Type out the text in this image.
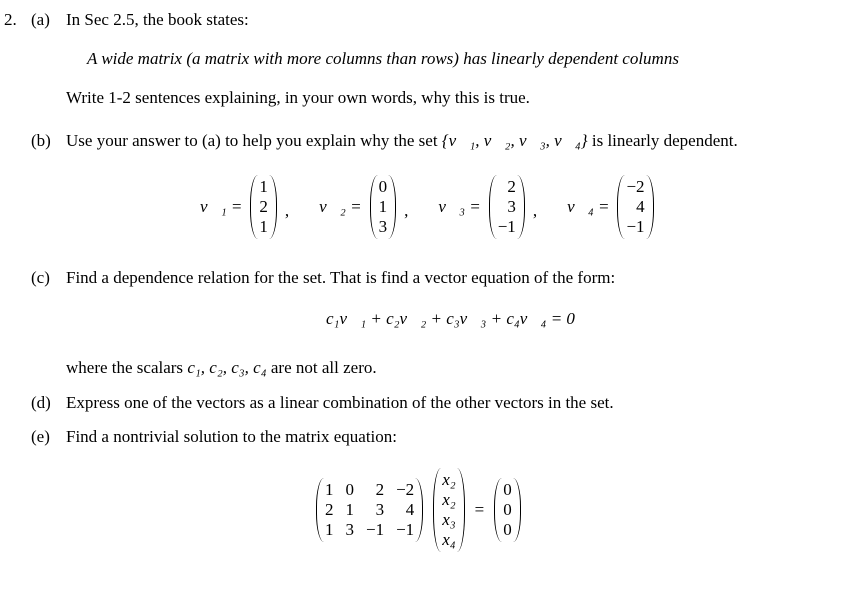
2. (a) In Sec 2.5, the book states:
A wide matrix (a matrix with more columns than rows) has linearly dependent columns
Write 1-2 sentences explaining, in your own words, why this is true.
(b) Use your answer to (a) to help you explain why the set {v⃗₁, v⃗₂, v⃗₃, v⃗₄} is linearly dependent.
v⃗₁ =
1
2
1
, v⃗₂ =
0
1
3
, v⃗₃ =
2
3
−1
, v⃗₄ =
−2
4
−1
(c) Find a dependence relation for the set. That is find a vector equation of the form:
c₁v⃗₁ + c₂v⃗₂ + c₃v⃗₃ + c₄v⃗₄ = 0
where the scalars c₁, c₂, c₃, c₄ are not all zero.
(d) Express one of the vectors as a linear combination of the other vectors in the set.
(e) Find a nontrivial solution to the matrix equation:
1 0	2 −2
2 1	3	4
1 3 −1 −1
x₂
x₂
x₃
x₄
=
0
0
0
